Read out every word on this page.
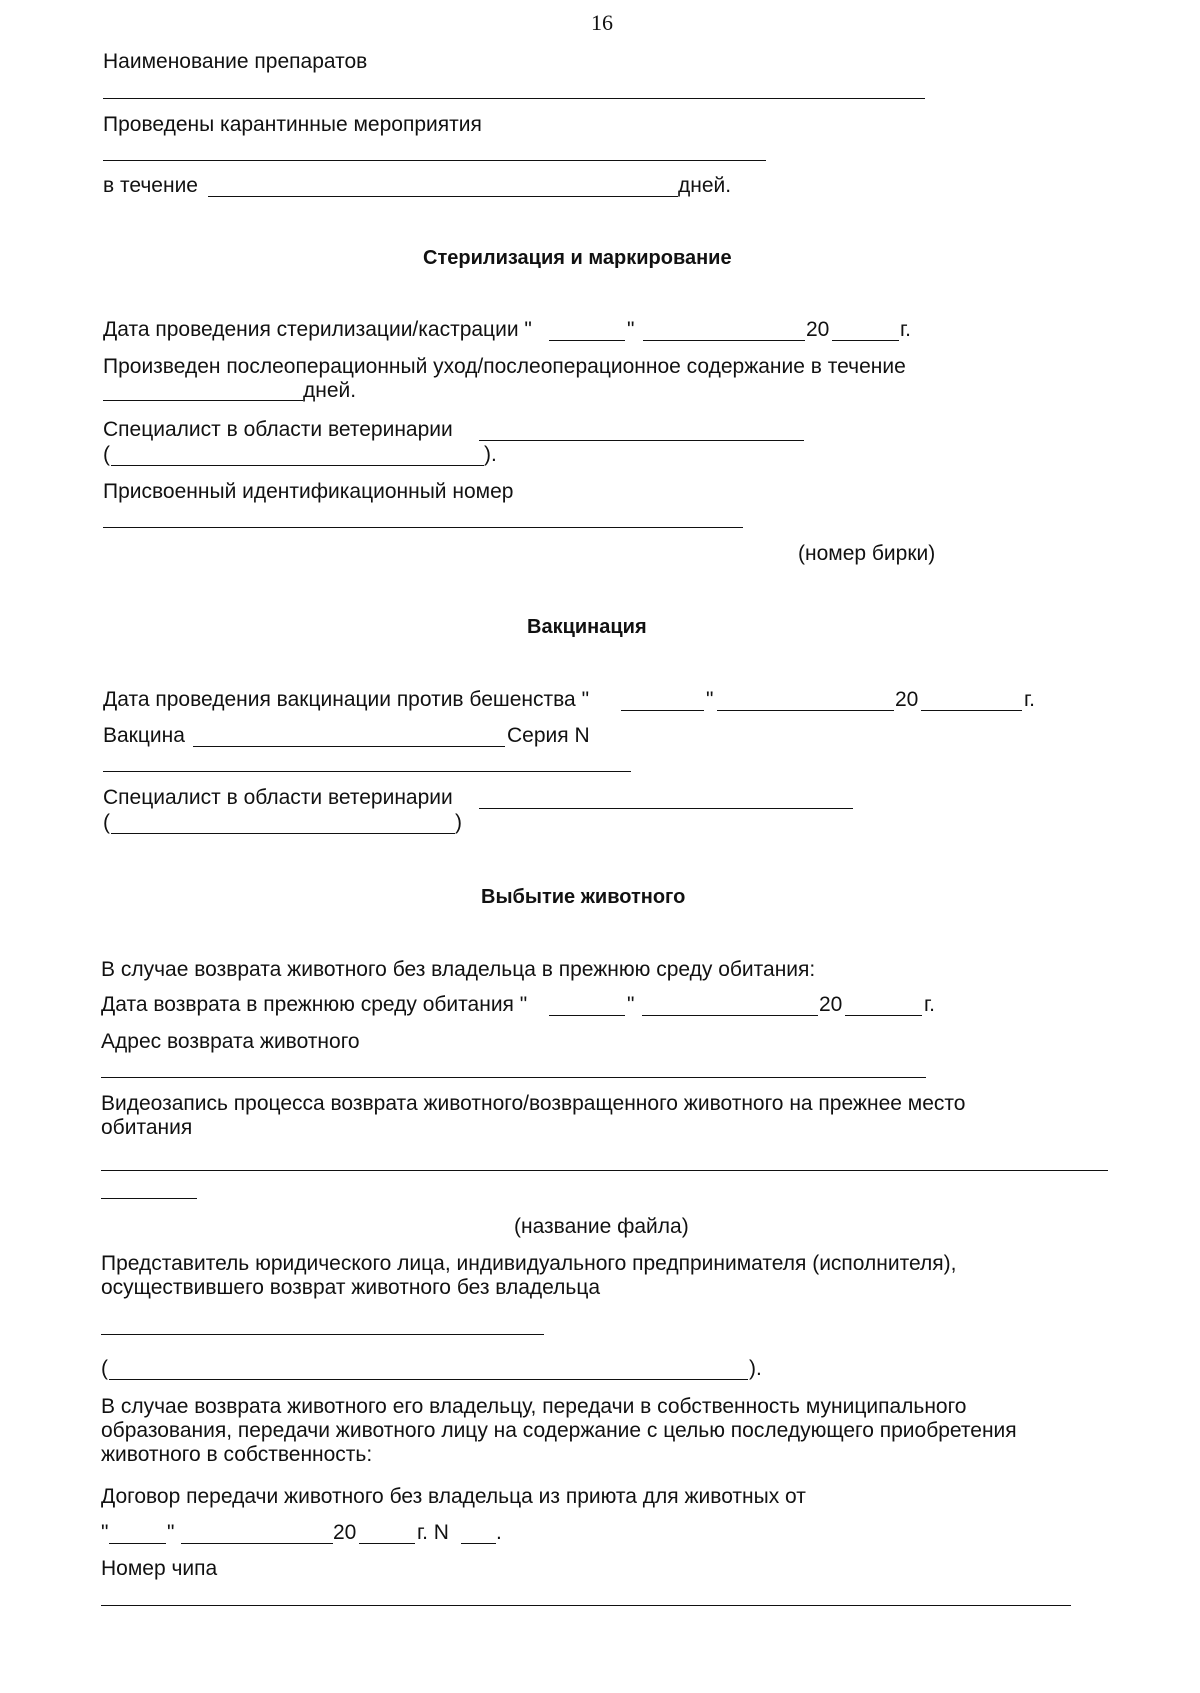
16
Наименование препаратов
Проведены карантинные мероприятия
в течение	дней.
Стерилизация и маркирование
Дата проведения стерилизации/кастрации "	"	20	г.
Произведен послеоперационный уход/послеоперационное содержание в течение
дней.
Специалист в области ветеринарии
(	).
Присвоенный идентификационный номер
(номер бирки)
Вакцинация
Дата проведения вакцинации против бешенства "	"	20	г.
Вакцина	Серия N
Специалист в области ветеринарии
(	)
Выбытие животного
В случае возврата животного без владельца в прежнюю среду обитания:
Дата возврата в прежнюю среду обитания "	"	20	г.
Адрес возврата животного
Видеозапись процесса возврата животного/возвращенного животного на прежнее место
обитания
(название файла)
Представитель юридического лица, индивидуального предпринимателя (исполнителя),
осуществившего возврат животного без владельца
(	).
В случае возврата животного его владельцу, передачи в собственность муниципального
образования, передачи животного лицу на содержание с целью последующего приобретения
животного в собственность:
Договор передачи животного без владельца из приюта для животных от
"	"	20	г. N .
Номер чипа
